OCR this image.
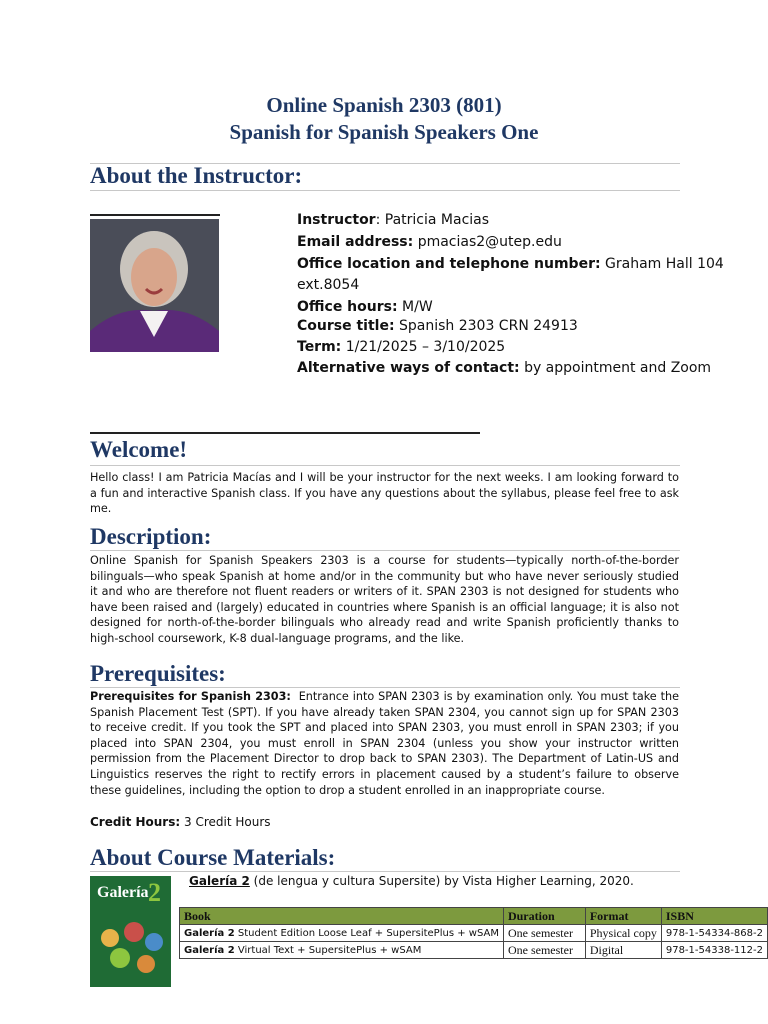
Online Spanish 2303 (801)
Spanish for Spanish Speakers One
About the Instructor:
Instructor: Patricia Macias
Email address: pmacias2@utep.edu
Office location and telephone number: Graham Hall 104
ext.8054
Office hours: M/W
Course title: Spanish 2303 CRN 24913
Term: 1/21/2025 – 3/10/2025
Alternative ways of contact: by appointment and Zoom
Welcome!
Hello class! I am Patricia Macías and I will be your instructor for the next weeks. I am looking forward to a fun and interactive Spanish class. If you have any questions about the syllabus, please feel free to ask me.
Description:
Online Spanish for Spanish Speakers 2303 is a course for students—typically north-of-the-border bilinguals—who speak Spanish at home and/or in the community but who have never seriously studied it and who are therefore not fluent readers or writers of it. SPAN 2303 is not designed for students who have been raised and (largely) educated in countries where Spanish is an official language; it is also not designed for north-of-the-border bilinguals who already read and write Spanish proficiently thanks to high-school coursework, K-8 dual-language programs, and the like.
Prerequisites:
Prerequisites for Spanish 2303: Entrance into SPAN 2303 is by examination only. You must take the Spanish Placement Test (SPT). If you have already taken SPAN 2304, you cannot sign up for SPAN 2303 to receive credit. If you took the SPT and placed into SPAN 2303, you must enroll in SPAN 2303; if you placed into SPAN 2304, you must enroll in SPAN 2304 (unless you show your instructor written permission from the Placement Director to drop back to SPAN 2303). The Department of Latin-US and Linguistics reserves the right to rectify errors in placement caused by a student’s failure to observe these guidelines, including the option to drop a student enrolled in an inappropriate course.
Credit Hours: 3 Credit Hours
About Course Materials:
Galería 2 Galería 2 (de lengua y cultura Supersite) by Vista Higher Learning, 2020.
Book	Duration	Format	ISBN
Galería 2 Student Edition Loose Leaf + SupersitePlus + wSAM	One semester	Physical copy	978-1-54334-868-2
Galería 2 Virtual Text + SupersitePlus + wSAM	One semester	Digital	978-1-54338-112-2
